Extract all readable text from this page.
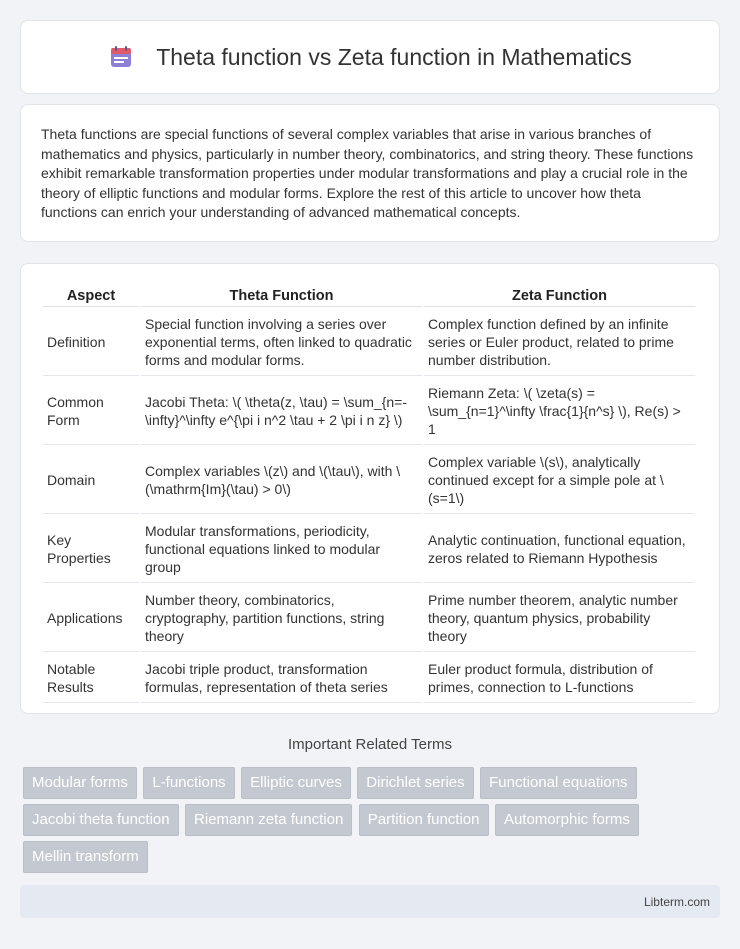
Theta function vs Zeta function in Mathematics

Theta functions are special functions of several complex variables that arise in various branches of mathematics and physics, particularly in number theory, combinatorics, and string theory. These functions exhibit remarkable transformation properties under modular transformations and play a crucial role in the theory of elliptic functions and modular forms. Explore the rest of this article to uncover how theta functions can enrich your understanding of advanced mathematical concepts.

Aspect	Theta Function	Zeta Function
Definition	Special function involving a series over exponential terms, often linked to quadratic forms and modular forms.	Complex function defined by an infinite series or Euler product, related to prime number distribution.
Common Form	Jacobi Theta: \( \theta(z, \tau) = \sum_{n=-\infty}^\infty e^{\pi i n^2 \tau + 2 \pi i n z} \)	Riemann Zeta: \( \zeta(s) = \sum_{n=1}^\infty \frac{1}{n^s} \), Re(s) > 1
Domain	Complex variables \(z\) and \(\tau\), with \(\mathrm{Im}(\tau) > 0\)	Complex variable \(s\), analytically continued except for a simple pole at \(s=1\)
Key Properties	Modular transformations, periodicity, functional equations linked to modular group	Analytic continuation, functional equation, zeros related to Riemann Hypothesis
Applications	Number theory, combinatorics, cryptography, partition functions, string theory	Prime number theorem, analytic number theory, quantum physics, probability theory
Notable Results	Jacobi triple product, transformation formulas, representation of theta series	Euler product formula, distribution of primes, connection to L-functions
Important Related Terms
Modular forms L-functions Elliptic curves Dirichlet series Functional equations Jacobi theta function Riemann zeta function Partition function Automorphic forms Mellin transform
Libterm.com
